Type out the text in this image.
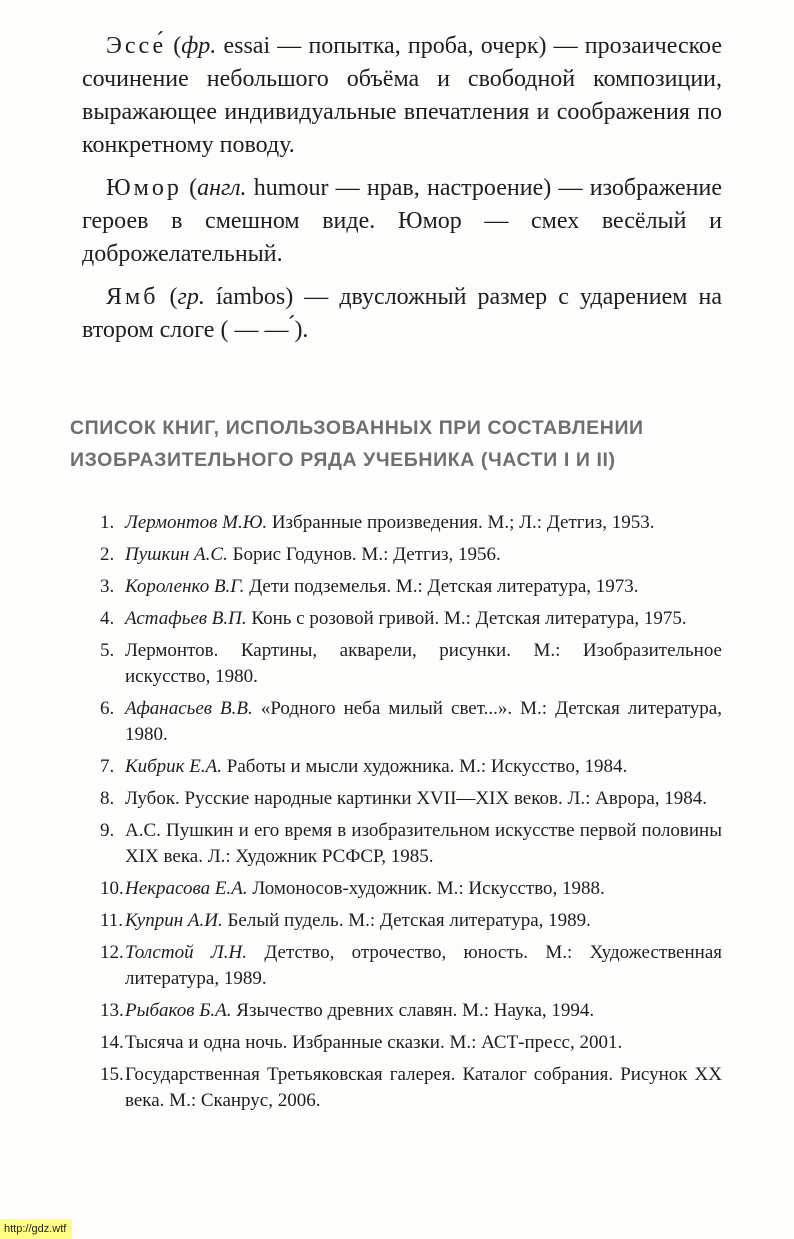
Эссе́ (фр. essai — попытка, проба, очерк) — прозаическое сочинение небольшого объёма и свободной композиции, выражающее индивидуальные впечатления и соображения по конкретному поводу.

Юмор (англ. humour — нрав, настроение) — изображение героев в смешном виде. Юмор — смех весёлый и доброжелательный.

Ямб (гр. íambos) — двусложный размер с ударением на втором слоге ( — — ́).

СПИСОК КНИГ, ИСПОЛЬЗОВАННЫХ ПРИ СОСТАВЛЕНИИ
ИЗОБРАЗИТЕЛЬНОГО РЯДА УЧЕБНИКА (ЧАСТИ I И II)
1. Лермонтов М.Ю. Избранные произведения. М.; Л.: Детгиз, 1953.
2. Пушкин А.С. Борис Годунов. М.: Детгиз, 1956.
3. Короленко В.Г. Дети подземелья. М.: Детская литература, 1973.
4. Астафьев В.П. Конь с розовой гривой. М.: Детская литература, 1975.
5. Лермонтов. Картины, акварели, рисунки. М.: Изобразительное искусство, 1980.
6. Афанасьев В.В. «Родного неба милый свет...». М.: Детская литература, 1980.
7. Кибрик Е.А. Работы и мысли художника. М.: Искусство, 1984.
8. Лубок. Русские народные картинки XVII—XIX веков. Л.: Аврора, 1984.
9. А.С. Пушкин и его время в изобразительном искусстве первой половины XIX века. Л.: Художник РСФСР, 1985.
10. Некрасова Е.А. Ломоносов-художник. М.: Искусство, 1988.
11. Куприн А.И. Белый пудель. М.: Детская литература, 1989.
12. Толстой Л.Н. Детство, отрочество, юность. М.: Художественная литература, 1989.
13. Рыбаков Б.А. Язычество древних славян. М.: Наука, 1994.
14. Тысяча и одна ночь. Избранные сказки. М.: АСТ-пресс, 2001.
15. Государственная Третьяковская галерея. Каталог собрания. Рисунок XX века. М.: Сканрус, 2006.
http://gdz.wtf
